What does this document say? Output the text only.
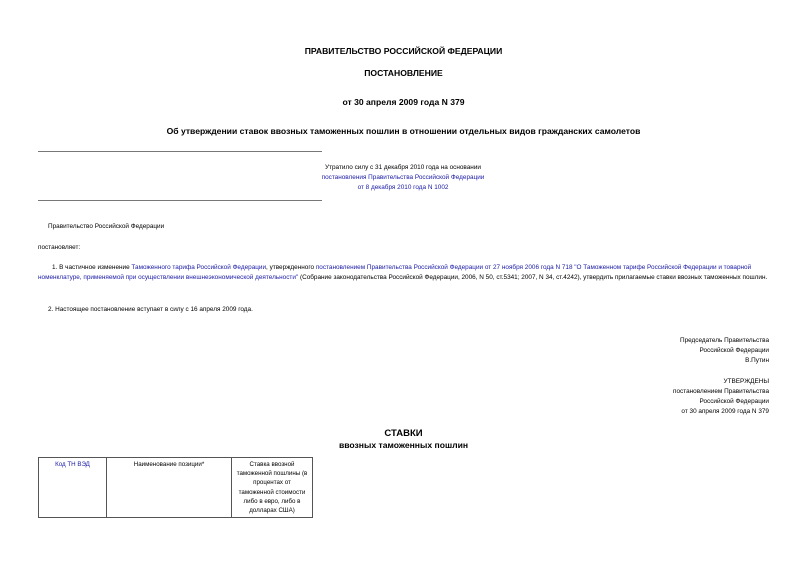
ПРАВИТЕЛЬСТВО РОССИЙСКОЙ ФЕДЕРАЦИИ
ПОСТАНОВЛЕНИЕ
от 30 апреля 2009 года N 379
Об утверждении ставок ввозных таможенных пошлин в отношении отдельных видов гражданских самолетов
Утратило силу с 31 декабря 2010 года на основании
постановления Правительства Российской Федерации
от 8 декабря 2010 года N 1002
Правительство Российской Федерации
постановляет:
1. В частичное изменение Таможенного тарифа Российской Федерации, утвержденного постановлением Правительства Российской Федерации от 27 ноября 2006 года N 718 "О Таможенном тарифе Российской Федерации и товарной номенклатуре, применяемой при осуществлении внешнеэкономической деятельности" (Собрание законодательства Российской Федерации, 2006, N 50, ст.5341; 2007, N 34, ст.4242), утвердить прилагаемые ставки ввозных таможенных пошлин.
2. Настоящее постановление вступает в силу с 16 апреля 2009 года.
Председатель Правительства
Российской Федерации
В.Путин
УТВЕРЖДЕНЫ
постановлением Правительства
Российской Федерации
от 30 апреля 2009 года N 379
СТАВКИ
ввозных таможенных пошлин
Код ТН ВЭД	Наименование позиции*	Ставка ввозной таможенной пошлины (в процентах от таможенной стоимости либо в евро, либо в долларах США)
